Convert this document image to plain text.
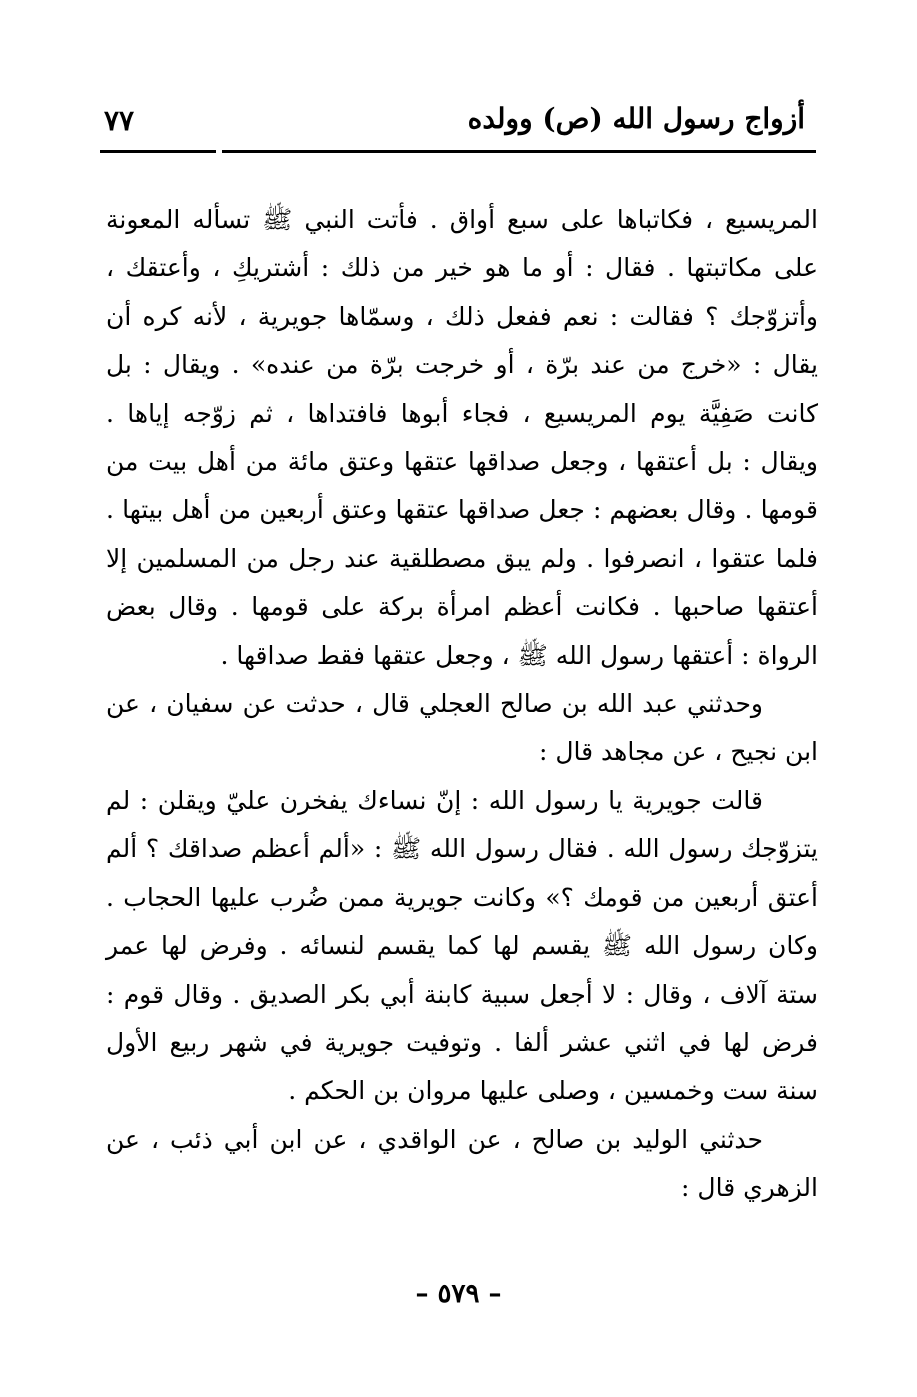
أزواج رسول الله (ص) وولده
٧٧

المريسيع ، فكاتباها على سبع أواق . فأتت النبي ﷺ تسأله المعونة على مكاتبتها . فقال : أو ما هو خير من ذلك : أشتريكِ ، وأعتقك ، وأتزوّجك ؟ فقالت : نعم ففعل ذلك ، وسمّاها جويرية ، لأنه كره أن يقال : «خرج من عند برّة ، أو خرجت برّة من عنده» . ويقال : بل كانت صَفِيَّة يوم المريسيع ، فجاء أبوها فافتداها ، ثم زوّجه إياها . ويقال : بل أعتقها ، وجعل صداقها عتقها وعتق مائة من أهل بيت من قومها . وقال بعضهم : جعل صداقها عتقها وعتق أربعين من أهل بيتها . فلما عتقوا ، انصرفوا . ولم يبق مصطلقية عند رجل من المسلمين إلا أعتقها صاحبها . فكانت أعظم امرأة بركة على قومها . وقال بعض الرواة : أعتقها رسول الله ﷺ ، وجعل عتقها فقط صداقها .

وحدثني عبد الله بن صالح العجلي قال ، حدثت عن سفيان ، عن ابن نجيح ، عن مجاهد قال :

قالت جويرية يا رسول الله : إنّ نساءك يفخرن عليّ ويقلن : لم يتزوّجك رسول الله . فقال رسول الله ﷺ : «ألم أعظم صداقك ؟ ألم أعتق أربعين من قومك ؟» وكانت جويرية ممن ضُرب عليها الحجاب . وكان رسول الله ﷺ يقسم لها كما يقسم لنسائه . وفرض لها عمر ستة آلاف ، وقال : لا أجعل سبية كابنة أبي بكر الصديق . وقال قوم : فرض لها في اثني عشر ألفا . وتوفيت جويرية في شهر ربيع الأول سنة ست وخمسين ، وصلى عليها مروان بن الحكم .

حدثني الوليد بن صالح ، عن الواقدي ، عن ابن أبي ذئب ، عن الزهري قال :

– ٥٧٩ –
